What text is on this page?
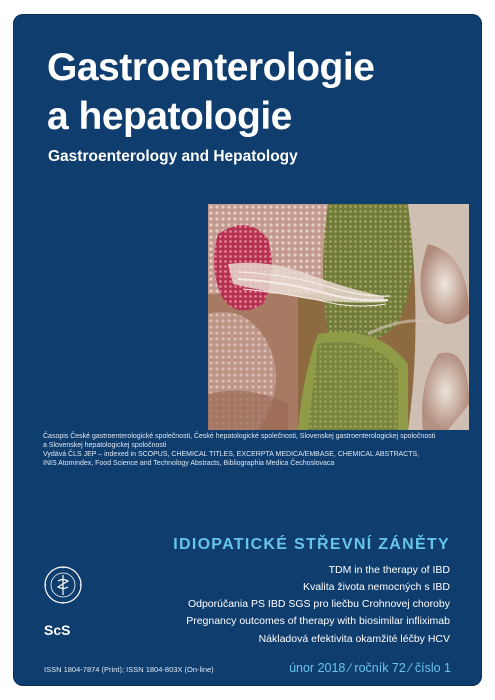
Gastroenterologie
a hepatologie
Gastroenterology and Hepatology
Časopis České gastroenterologické společnosti, České hepatologické společnosti, Slovenskej gastroenterologickej spoločnosti
a Slovenskej hepatologickej spoločnosti
Vydává ČLS JEP – indexed in SCOPUS, CHEMICAL TITLES, EXCERPTA MEDICA/EMBASE, CHEMICAL ABSTRACTS,
INIS Atomindex, Food Science and Technology Abstracts, Bibliographia Medica Čechoslovaca
IDIOPATICKÉ STŘEVNÍ ZÁNĚTY
TDM in the therapy of IBD
Kvalita života nemocných s IBD
Odporúčania PS IBD SGS pro liečbu Crohnovej choroby
Pregnancy outcomes of therapy with biosimilar infliximab
Nákladová efektivita okamžité léčby HCV
ScS
ISSN 1804-7874 (Print); ISSN 1804-803X (On-line)	únor 2018 ⁄ ročník 72 ⁄ číslo 1
